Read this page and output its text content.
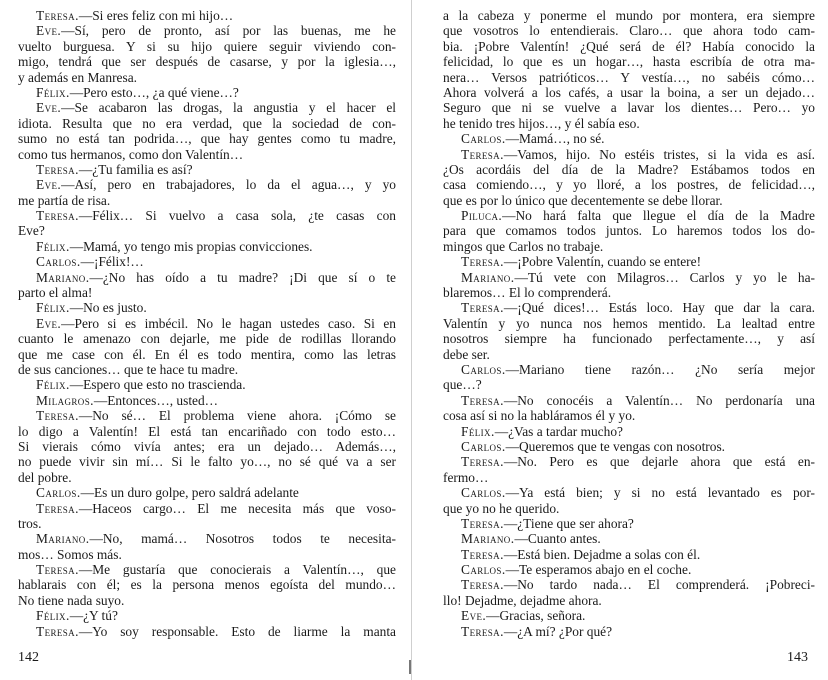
Teresa.—Si eres feliz con mi hijo…
Eve.—Sí, pero de pronto, así por las buenas, me he
vuelto burguesa. Y si su hijo quiere seguir viviendo con-
migo, tendrá que ser después de casarse, y por la iglesia…,
y además en Manresa.
Félix.—Pero esto…, ¿a qué viene…?
Eve.—Se acabaron las drogas, la angustia y el hacer el
idiota. Resulta que no era verdad, que la sociedad de con-
sumo no está tan podrida…, que hay gentes como tu madre,
como tus hermanos, como don Valentín…
Teresa.—¿Tu familia es así?
Eve.—Así, pero en trabajadores, lo da el agua…, y yo
me partía de risa.
Teresa.—Félix… Si vuelvo a casa sola, ¿te casas con
Eve?
Félix.—Mamá, yo tengo mis propias convicciones.
Carlos.—¡Félix!…
Mariano.—¿No has oído a tu madre? ¡Di que sí o te
parto el alma!
Félix.—No es justo.
Eve.—Pero si es imbécil. No le hagan ustedes caso. Si en
cuanto le amenazo con dejarle, me pide de rodillas llorando
que me case con él. En él es todo mentira, como las letras
de sus canciones… que te hace tu madre.
Félix.—Espero que esto no trascienda.
Milagros.—Entonces…, usted…
Teresa.—No sé… El problema viene ahora. ¡Cómo se
lo digo a Valentín! El está tan encariñado con todo esto…
Si vierais cómo vivía antes; era un dejado… Además…,
no puede vivir sin mí… Si le falto yo…, no sé qué va a ser
del pobre.
Carlos.—Es un duro golpe, pero saldrá adelante
Teresa.—Haceos cargo… El me necesita más que voso-
tros.
Mariano.—No, mamá… Nosotros todos te necesita-
mos… Somos más.
Teresa.—Me gustaría que conocierais a Valentín…, que
hablarais con él; es la persona menos egoísta del mundo…
No tiene nada suyo.
Félix.—¿Y tú?
Teresa.—Yo soy responsable. Esto de liarme la manta
a la cabeza y ponerme el mundo por montera, era siempre
que vosotros lo entendierais. Claro… que ahora todo cam-
bia. ¡Pobre Valentín! ¿Qué será de él? Había conocido la
felicidad, lo que es un hogar…, hasta escribía de otra ma-
nera… Versos patrióticos… Y vestía…, no sabéis cómo…
Ahora volverá a los cafés, a usar la boina, a ser un dejado…
Seguro que ni se vuelve a lavar los dientes… Pero… yo
he tenido tres hijos…, y él sabía eso.
Carlos.—Mamá…, no sé.
Teresa.—Vamos, hijo. No estéis tristes, si la vida es así.
¿Os acordáis del día de la Madre? Estábamos todos en
casa comiendo…, y yo lloré, a los postres, de felicidad…,
que es por lo único que decentemente se debe llorar.
Piluca.—No hará falta que llegue el día de la Madre
para que comamos todos juntos. Lo haremos todos los do-
mingos que Carlos no trabaje.
Teresa.—¡Pobre Valentín, cuando se entere!
Mariano.—Tú vete con Milagros… Carlos y yo le ha-
blaremos… El lo comprenderá.
Teresa.—¡Qué dices!… Estás loco. Hay que dar la cara.
Valentín y yo nunca nos hemos mentido. La lealtad entre
nosotros siempre ha funcionado perfectamente…, y así
debe ser.
Carlos.—Mariano tiene razón… ¿No sería mejor
que…?
Teresa.—No conocéis a Valentín… No perdonaría una
cosa así si no la habláramos él y yo.
Félix.—¿Vas a tardar mucho?
Carlos.—Queremos que te vengas con nosotros.
Teresa.—No. Pero es que dejarle ahora que está en-
fermo…
Carlos.—Ya está bien; y si no está levantado es por-
que yo no he querido.
Teresa.—¿Tiene que ser ahora?
Mariano.—Cuanto antes.
Teresa.—Está bien. Dejadme a solas con él.
Carlos.—Te esperamos abajo en el coche.
Teresa.—No tardo nada… El comprenderá. ¡Pobreci-
llo! Dejadme, dejadme ahora.
Eve.—Gracias, señora.
Teresa.—¿A mí? ¿Por qué?
142	143
